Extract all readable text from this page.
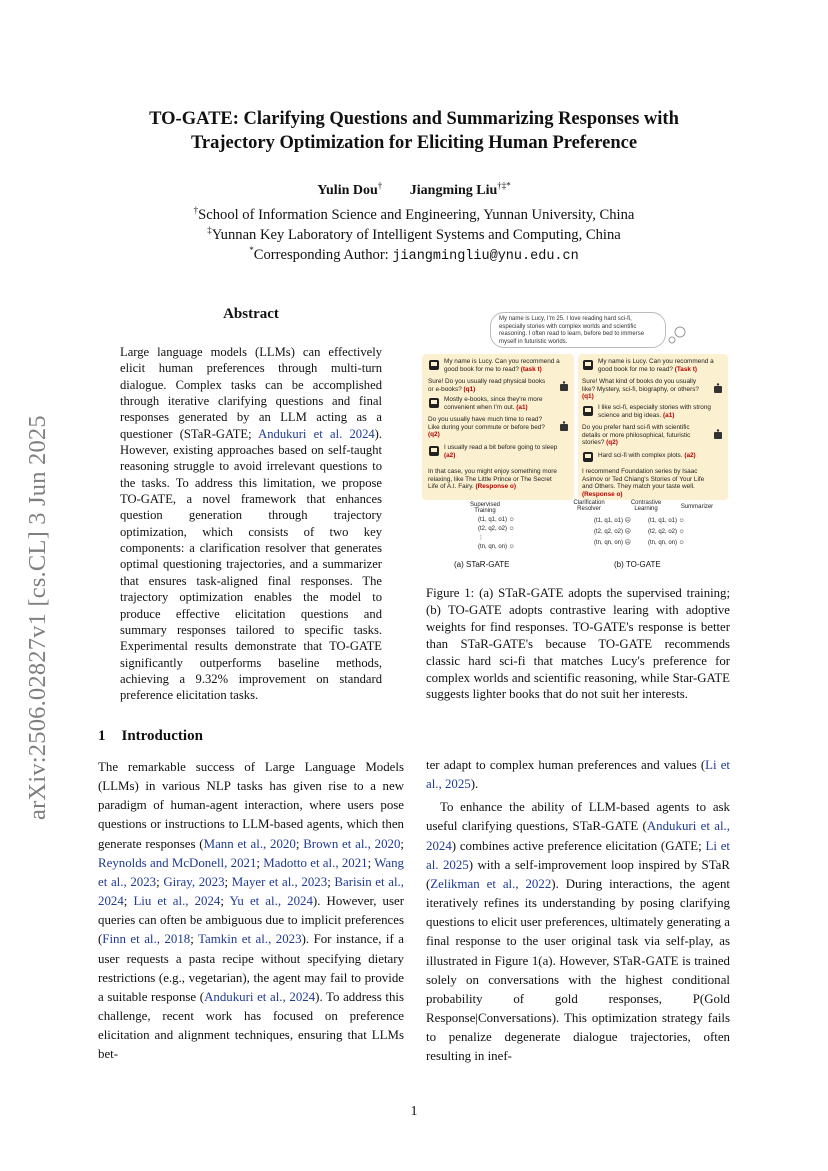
arXiv:2506.02827v1 [cs.CL] 3 Jun 2025
TO-GATE: Clarifying Questions and Summarizing Responses with
Trajectory Optimization for Eliciting Human Preference
Yulin Dou† Jiangming Liu†‡*
†School of Information Science and Engineering, Yunnan University, China
‡Yunnan Key Laboratory of Intelligent Systems and Computing, China
*Corresponding Author: jiangmingliu@ynu.edu.cn
Abstract
Large language models (LLMs) can effectively elicit human preferences through multi-turn dialogue. Complex tasks can be accomplished through iterative clarifying questions and final responses generated by an LLM acting as a questioner (STaR-GATE; Andukuri et al. 2024). However, existing approaches based on self-taught reasoning struggle to avoid irrelevant questions to the tasks. To address this limitation, we propose TO-GATE, a novel framework that enhances question generation through trajectory optimization, which consists of two key components: a clarification resolver that generates optimal questioning trajectories, and a summarizer that ensures task-aligned final responses. The trajectory optimization enables the model to produce effective elicitation questions and summary responses tailored to specific tasks. Experimental results demonstrate that TO-GATE significantly outperforms baseline methods, achieving a 9.32% improvement on standard preference elicitation tasks.
My name is Lucy, I'm 25. I love reading hard sci-fi, especially stories with complex worlds and scientific reasoning. I often read to learn, before bed to immerse myself in futuristic worlds.
My name is Lucy. Can you recommend a good book for me to read? (task t)
Sure! Do you usually read physical books or e-books? (q1)
Mostly e-books, since they're more convenient when I'm out. (a1)
Do you usually have much time to read? Like during your commute or before bed? (q2)
I usually read a bit before going to sleep (a2)
In that case, you might enjoy something more relaxing, like The Little Prince or The Secret Life of A.I. Fairy. (Response o)
My name is Lucy. Can you recommend a good book for me to read? (Task t)
Sure! What kind of books do you usually like? Mystery, sci-fi, biography, or others? (q1)
I like sci-fi, especially stories with strong science and big ideas. (a1)
Do you prefer hard sci-fi with scientific details or more philosophical, futuristic stories? (q2)
Hard sci-fi with complex plots. (a2)
I recommend Foundation series by Isaac Asimov or Ted Chiang's Stories of Your Life and Others. They match your taste well. (Response o)
Supervised Training
(t1, q1, o1) ☺
(t2, q2, o2) ☺
⋮
(tn, qn, on) ☺
(a) STaR-GATE
Clarification Resolver
Contrastive Learning	Summarizer
(t1, q1, o1) ☹
(t2, q2, o2) ☹
(tn, qn, on) ☹
(t1, q1, o1) ☺
(t2, q2, o2) ☺
(tn, qn, on) ☺
(b) TO-GATE
Figure 1: (a) STaR-GATE adopts the supervised training; (b) TO-GATE adopts contrastive learing with adoptive weights for find responses. TO-GATE's response is better than STaR-GATE's because TO-GATE recommends classic hard sci-fi that matches Lucy's preference for complex worlds and scientific reasoning, while Star-GATE suggests lighter books that do not suit her interests.
1 Introduction
The remarkable success of Large Language Models (LLMs) in various NLP tasks has given rise to a new paradigm of human-agent interaction, where users pose questions or instructions to LLM-based agents, which then generate responses (Mann et al., 2020; Brown et al., 2020; Reynolds and McDonell, 2021; Madotto et al., 2021; Wang et al., 2023; Giray, 2023; Mayer et al., 2023; Barisin et al., 2024; Liu et al., 2024; Yu et al., 2024). However, user queries can often be ambiguous due to implicit preferences (Finn et al., 2018; Tamkin et al., 2023). For instance, if a user requests a pasta recipe without specifying dietary restrictions (e.g., vegetarian), the agent may fail to provide a suitable response (Andukuri et al., 2024). To address this challenge, recent work has focused on preference elicitation and alignment techniques, ensuring that LLMs bet-

ter adapt to complex human preferences and values (Li et al., 2025).

To enhance the ability of LLM-based agents to ask useful clarifying questions, STaR-GATE (Andukuri et al., 2024) combines active preference elicitation (GATE; Li et al. 2025) with a self-improvement loop inspired by STaR (Zelikman et al., 2022). During interactions, the agent iteratively refines its understanding by posing clarifying questions to elicit user preferences, ultimately generating a final response to the user original task via self-play, as illustrated in Figure 1(a). However, STaR-GATE is trained solely on conversations with the highest conditional probability of gold responses, P(Gold Response|Conversations). This optimization strategy fails to penalize degenerate dialogue trajectories, often resulting in inef-

1
